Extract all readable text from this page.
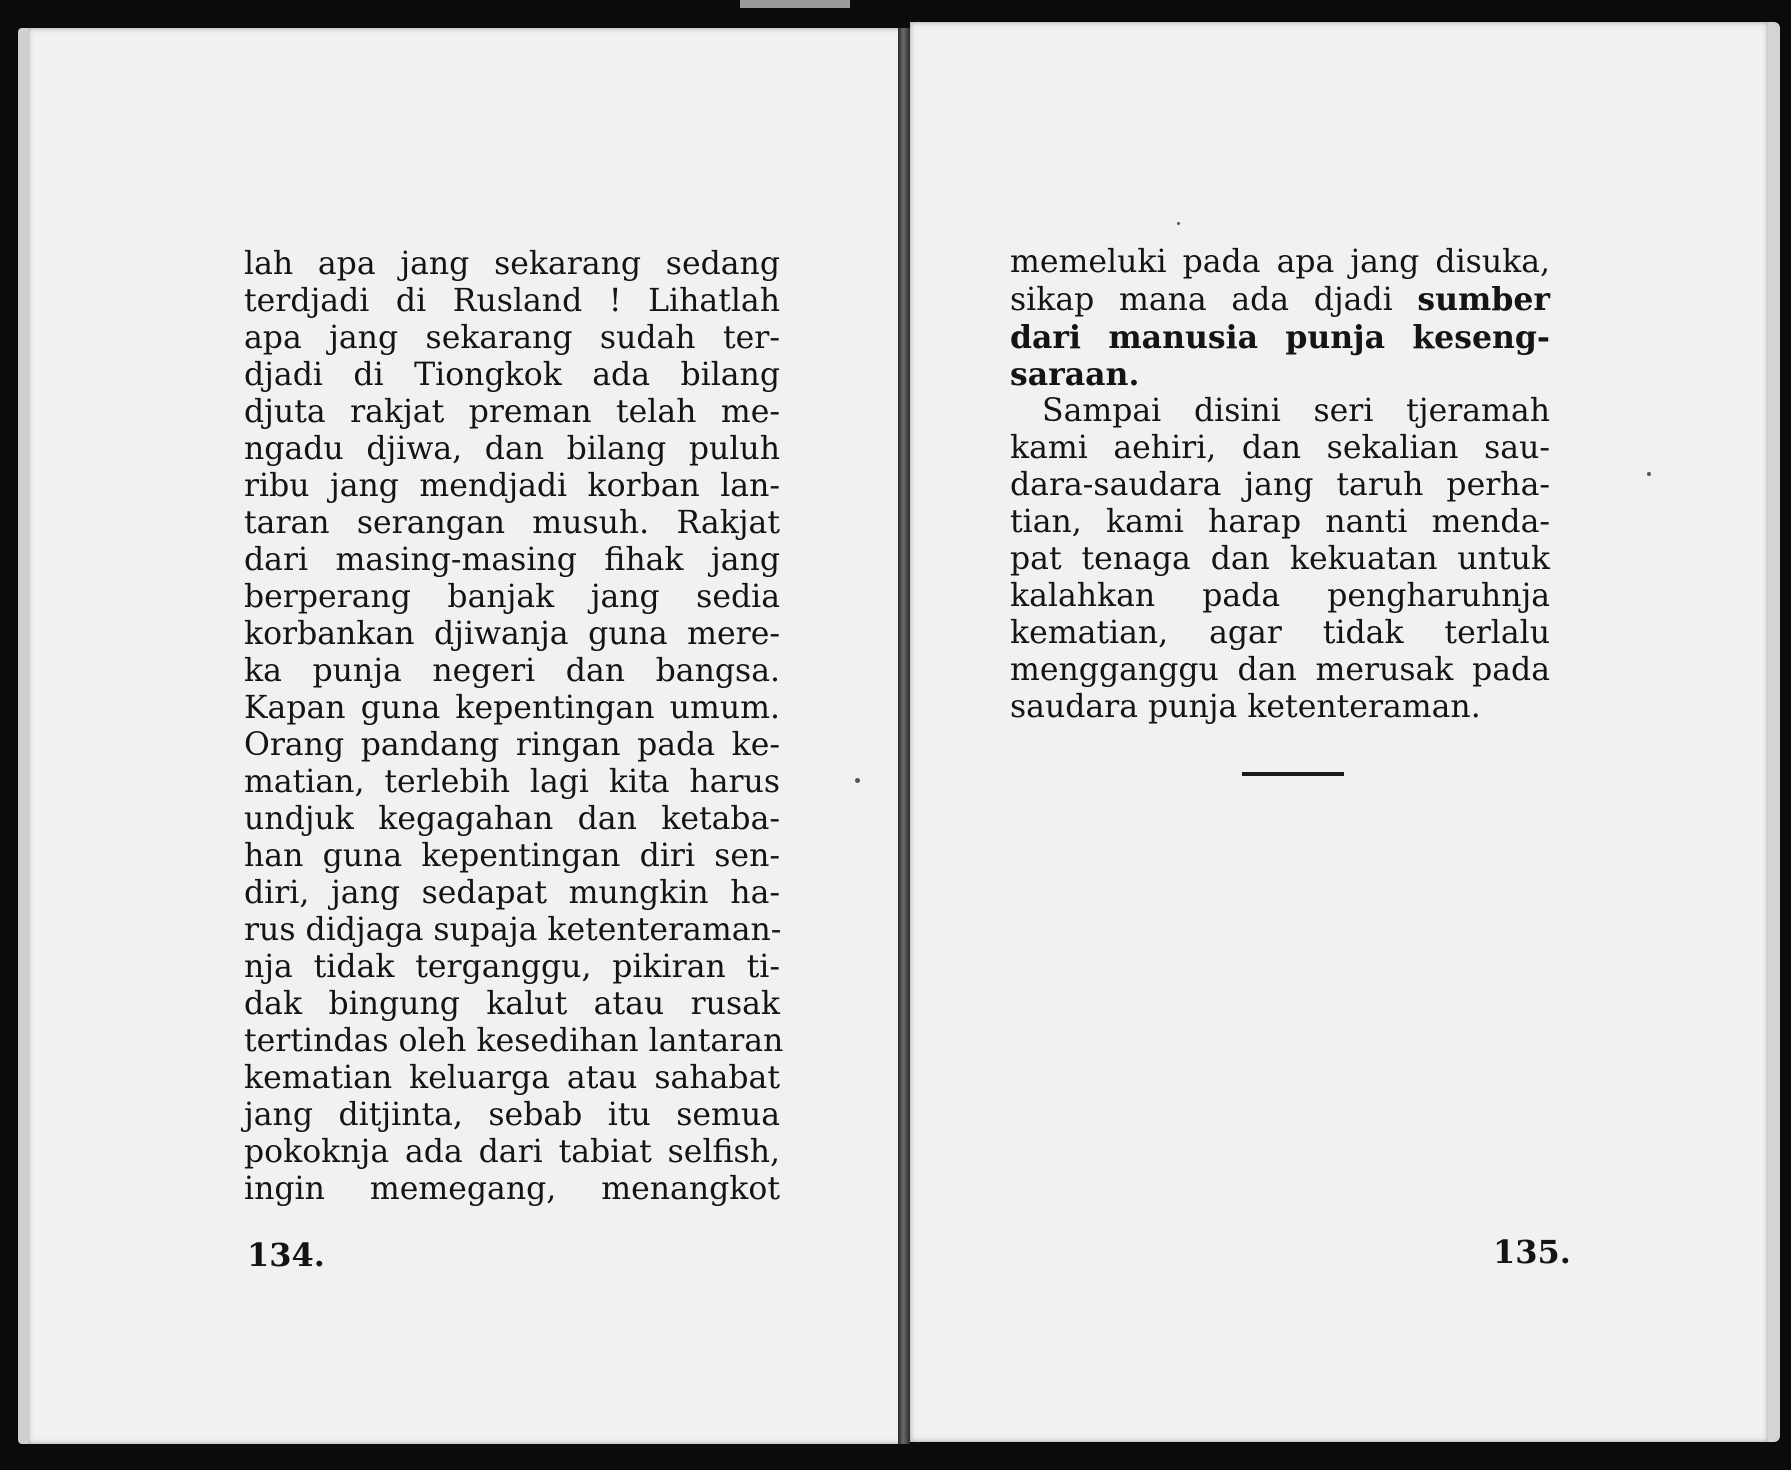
lah apa jang sekarang sedang
terdjadi di Rusland ! Lihatlah
apa jang sekarang sudah ter-
djadi di Tiongkok ada bilang
djuta rakjat preman telah me-
ngadu djiwa, dan bilang puluh
ribu jang mendjadi korban lan-
taran serangan musuh. Rakjat
dari masing-masing fihak jang
berperang banjak jang sedia
korbankan djiwanja guna mere-
ka punja negeri dan bangsa.
Kapan guna kepentingan umum.
Orang pandang ringan pada ke-
matian, terlebih lagi kita harus
undjuk kegagahan dan ketaba-
han guna kepentingan diri sen-
diri, jang sedapat mungkin ha-
rus didjaga supaja ketenteraman-
nja tidak terganggu, pikiran ti-
dak bingung kalut atau rusak
tertindas oleh kesedihan lantaran
kematian keluarga atau sahabat
jang ditjinta, sebab itu semua
pokoknja ada dari tabiat selfish,
ingin memegang, menangkot
134.
memeluki pada apa jang disuka,
sikap mana ada djadi sumber
dari manusia punja keseng-
saraan.
Sampai disini seri tjeramah
kami aehiri, dan sekalian sau-
dara-saudara jang taruh perha-
tian, kami harap nanti menda-
pat tenaga dan kekuatan untuk
kalahkan pada pengharuhnja
kematian, agar tidak terlalu
mengganggu dan merusak pada
saudara punja ketenteraman.
135.
